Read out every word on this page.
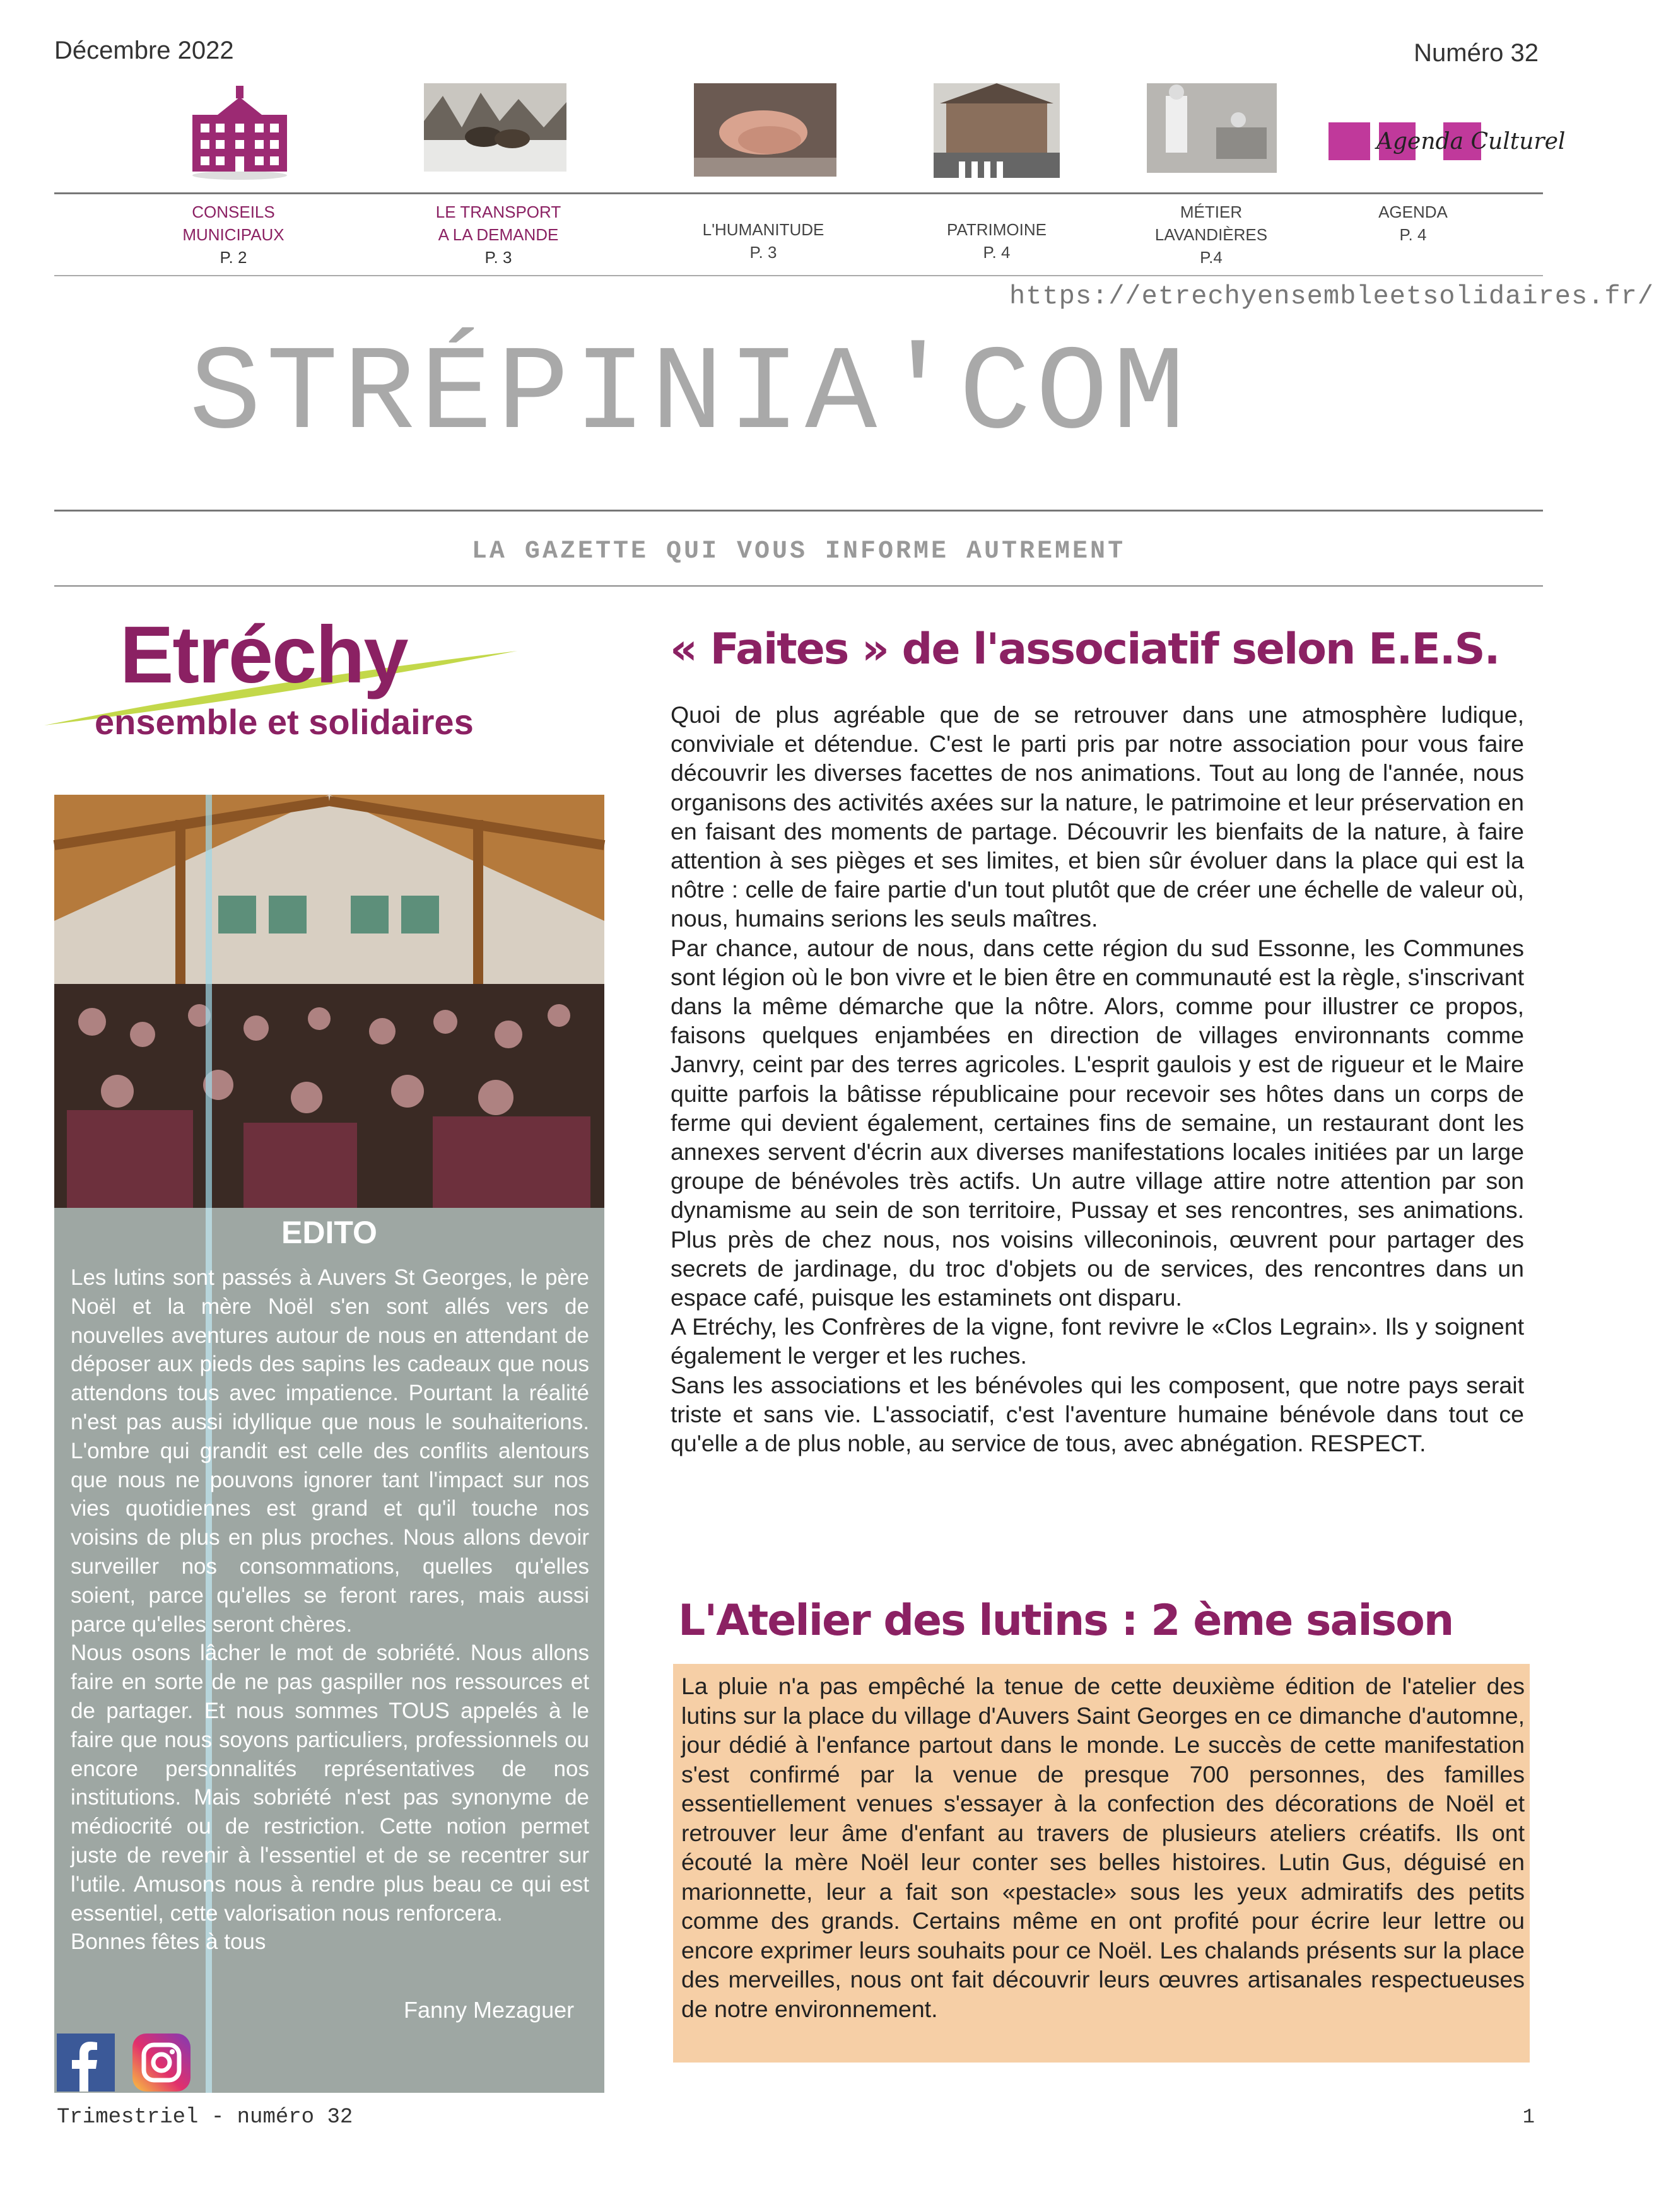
Décembre 2022	Numéro 32
Agenda Culturel
CONSEILS
MUNICIPAUX
P. 2
LE TRANSPORT
A LA DEMANDE
P. 3
L'HUMANITUDE
P. 3
PATRIMOINE
P. 4
MÉTIER
LAVANDIÈRES
P.4
AGENDA
P. 4
https://etrechyensembleetsolidaires.fr/
STRÉPINIA'COM
LA GAZETTE QUI VOUS INFORME AUTREMENT
Etréchy
ensemble et solidaires
EDITO

Les lutins sont passés à Auvers St Georges, le père Noël et la mère Noël s'en sont allés vers de nouvelles aventures autour de nous en attendant de déposer aux pieds des sapins les cadeaux que nous attendons tous avec impatience. Pourtant la réalité n'est pas aussi idyllique que nous le souhaiterions. L'ombre qui grandit est celle des conflits alentours que nous ne pouvons ignorer tant l'impact sur nos vies quotidiennes est grand et qu'il touche nos voisins de plus en plus proches. Nous allons devoir surveiller nos consommations, quelles qu'elles soient, parce qu'elles se feront rares, mais aussi parce qu'elles seront chères.

Nous osons lâcher le mot de sobriété. Nous allons faire en sorte de ne pas gaspiller nos ressources et de partager. Et nous sommes TOUS appelés à le faire que nous soyons particuliers, professionnels ou encore personnalités représentatives de nos institutions. Mais sobriété n'est pas synonyme de médiocrité ou de restriction. Cette notion permet juste de revenir à l'essentiel et de se recentrer sur l'utile. Amusons nous à rendre plus beau ce qui est essentiel, cette valorisation nous renforcera.

Bonnes fêtes à tous

Fanny Mezaguer
« Faites » de l'associatif selon E.E.S.

Quoi de plus agréable que de se retrouver dans une atmosphère ludique, conviviale et détendue. C'est le parti pris par notre association pour vous faire découvrir les diverses facettes de nos animations. Tout au long de l'année, nous organisons des activités axées sur la nature, le patrimoine et leur préservation en en faisant des moments de partage. Découvrir les bienfaits de la nature, à faire attention à ses pièges et ses limites, et bien sûr évoluer dans la place qui est la nôtre : celle de faire partie d'un tout plutôt que de créer une échelle de valeur où, nous, humains serions les seuls maîtres.

Par chance, autour de nous, dans cette région du sud Essonne, les Communes sont légion où le bon vivre et le bien être en communauté est la règle, s'inscrivant dans la même démarche que la nôtre. Alors, comme pour illustrer ce propos, faisons quelques enjambées en direction de villages environnants comme Janvry, ceint par des terres agricoles. L'esprit gaulois y est de rigueur et le Maire quitte parfois la bâtisse républicaine pour recevoir ses hôtes dans un corps de ferme qui devient également, certaines fins de semaine, un restaurant dont les annexes servent d'écrin aux diverses manifestations locales initiées par un large groupe de bénévoles très actifs. Un autre village attire notre attention par son dynamisme au sein de son territoire, Pussay et ses rencontres, ses animations. Plus près de chez nous, nos voisins villeconinois, œuvrent pour partager des secrets de jardinage, du troc d'objets ou de services, des rencontres dans un espace café, puisque les estaminets ont disparu.

A Etréchy, les Confrères de la vigne, font revivre le «Clos Legrain». Ils y soignent également le verger et les ruches.

Sans les associations et les bénévoles qui les composent, que notre pays serait triste et sans vie. L'associatif, c'est l'aventure humaine bénévole dans tout ce qu'elle a de plus noble, au service de tous, avec abnégation. RESPECT.

L'Atelier des lutins : 2 ème saison
La pluie n'a pas empêché la tenue de cette deuxième édition de l'atelier des lutins sur la place du village d'Auvers Saint Georges en ce dimanche d'automne, jour dédié à l'enfance partout dans le monde. Le succès de cette manifestation s'est confirmé par la venue de presque 700 personnes, des familles essentiellement venues s'essayer à la confection des décorations de Noël et retrouver leur âme d'enfant au travers de plusieurs ateliers créatifs. Ils ont écouté la mère Noël leur conter ses belles histoires. Lutin Gus, déguisé en marionnette, leur a fait son «pestacle» sous les yeux admiratifs des petits comme des grands. Certains même en ont profité pour écrire leur lettre ou encore exprimer leurs souhaits pour ce Noël. Les chalands présents sur la place des merveilles, nous ont fait découvrir leurs œuvres artisanales respectueuses de notre environnement.
Trimestriel - numéro 32	1
